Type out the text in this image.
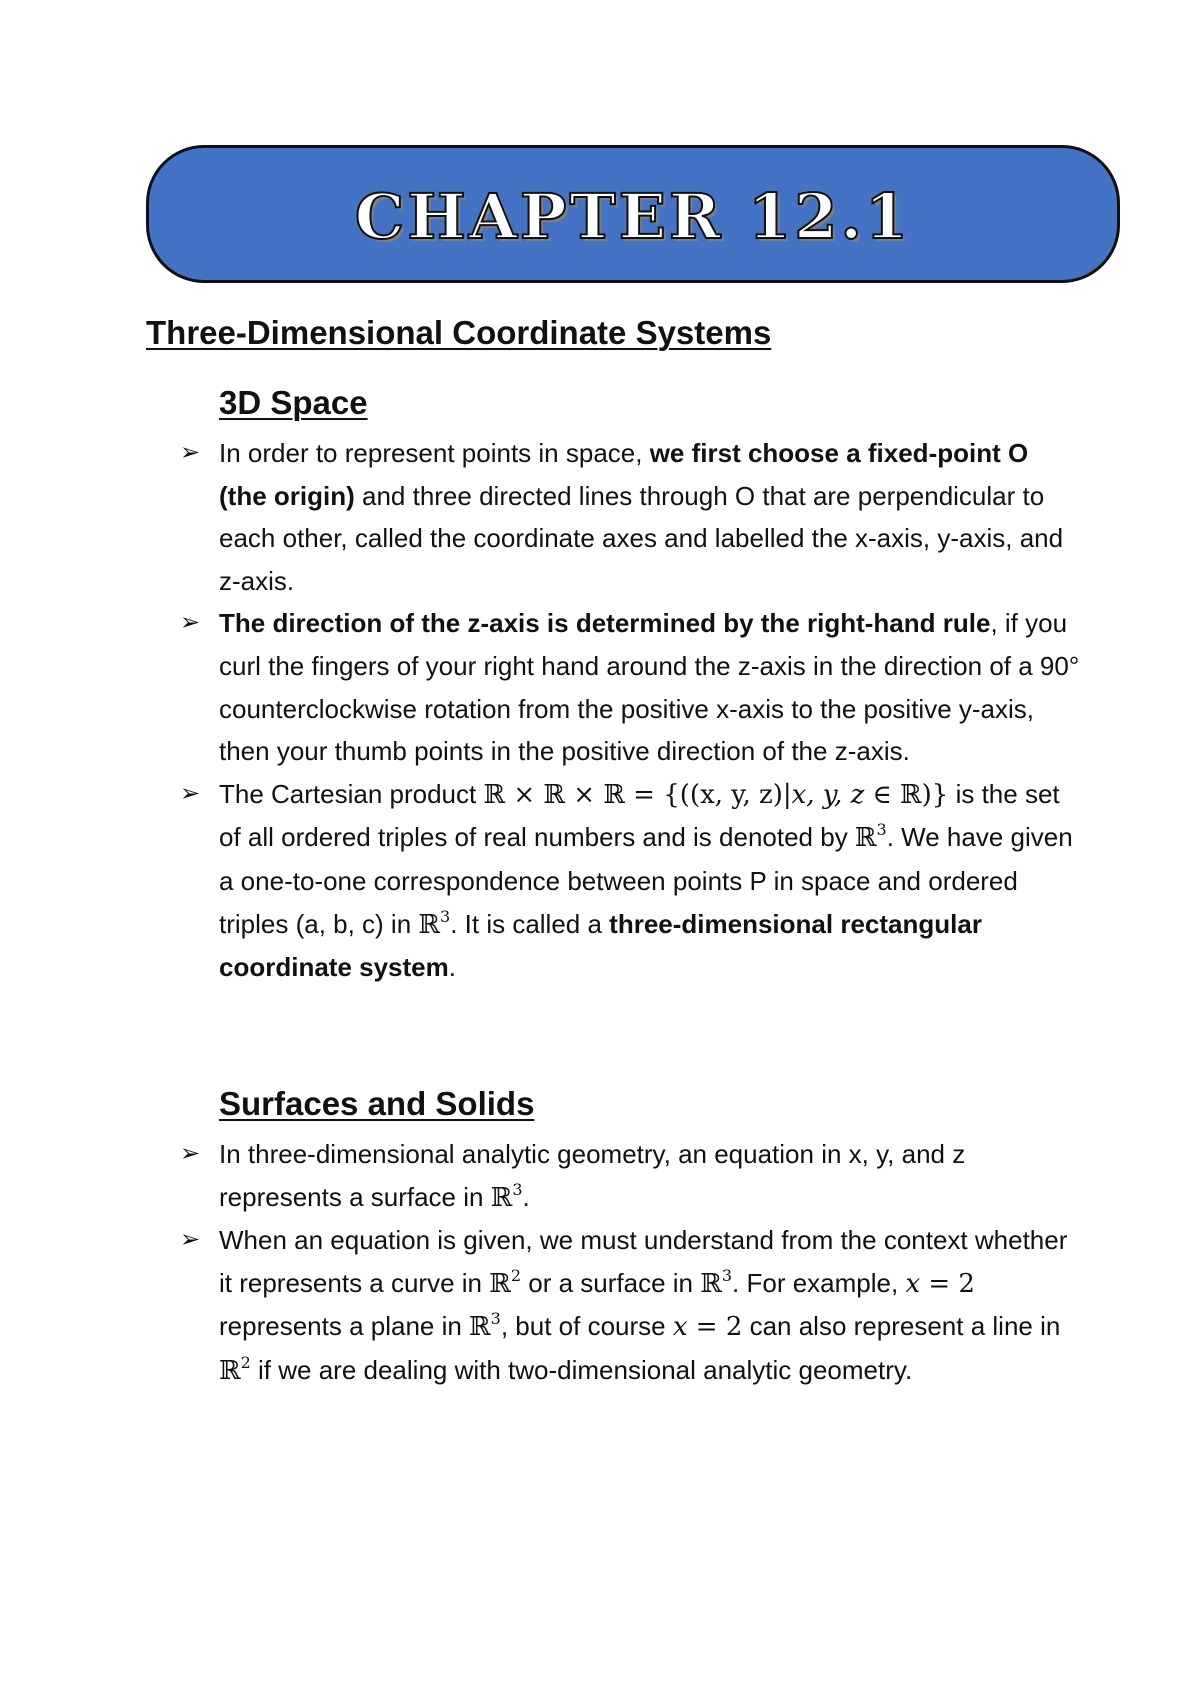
CHAPTER 12.1
Three-Dimensional Coordinate Systems
3D Space
➢ In order to represent points in space, we first choose a fixed-point O (the origin) and three directed lines through O that are perpendicular to each other, called the coordinate axes and labelled the x-axis, y-axis, and z-axis.
➢ The direction of the z-axis is determined by the right-hand rule, if you curl the fingers of your right hand around the z-axis in the direction of a 90° counterclockwise rotation from the positive x-axis to the positive y-axis, then your thumb points in the positive direction of the z-axis.
➢ The Cartesian product ℝ × ℝ × ℝ = {((x, y, z)|x, y, z ∈ ℝ)} is the set of all ordered triples of real numbers and is denoted by ℝ$^3$. We have given a one-to-one correspondence between points P in space and ordered triples (a, b, c) in ℝ$^3$. It is called a three-dimensional rectangular coordinate system.
Surfaces and Solids
➢ In three-dimensional analytic geometry, an equation in x, y, and z represents a surface in ℝ$^3$.
➢ When an equation is given, we must understand from the context whether it represents a curve in ℝ$^2$ or a surface in ℝ$^3$. For example, x = 2 represents a plane in ℝ$^3$, but of course x = 2 can also represent a line in ℝ$^2$ if we are dealing with two-dimensional analytic geometry.
